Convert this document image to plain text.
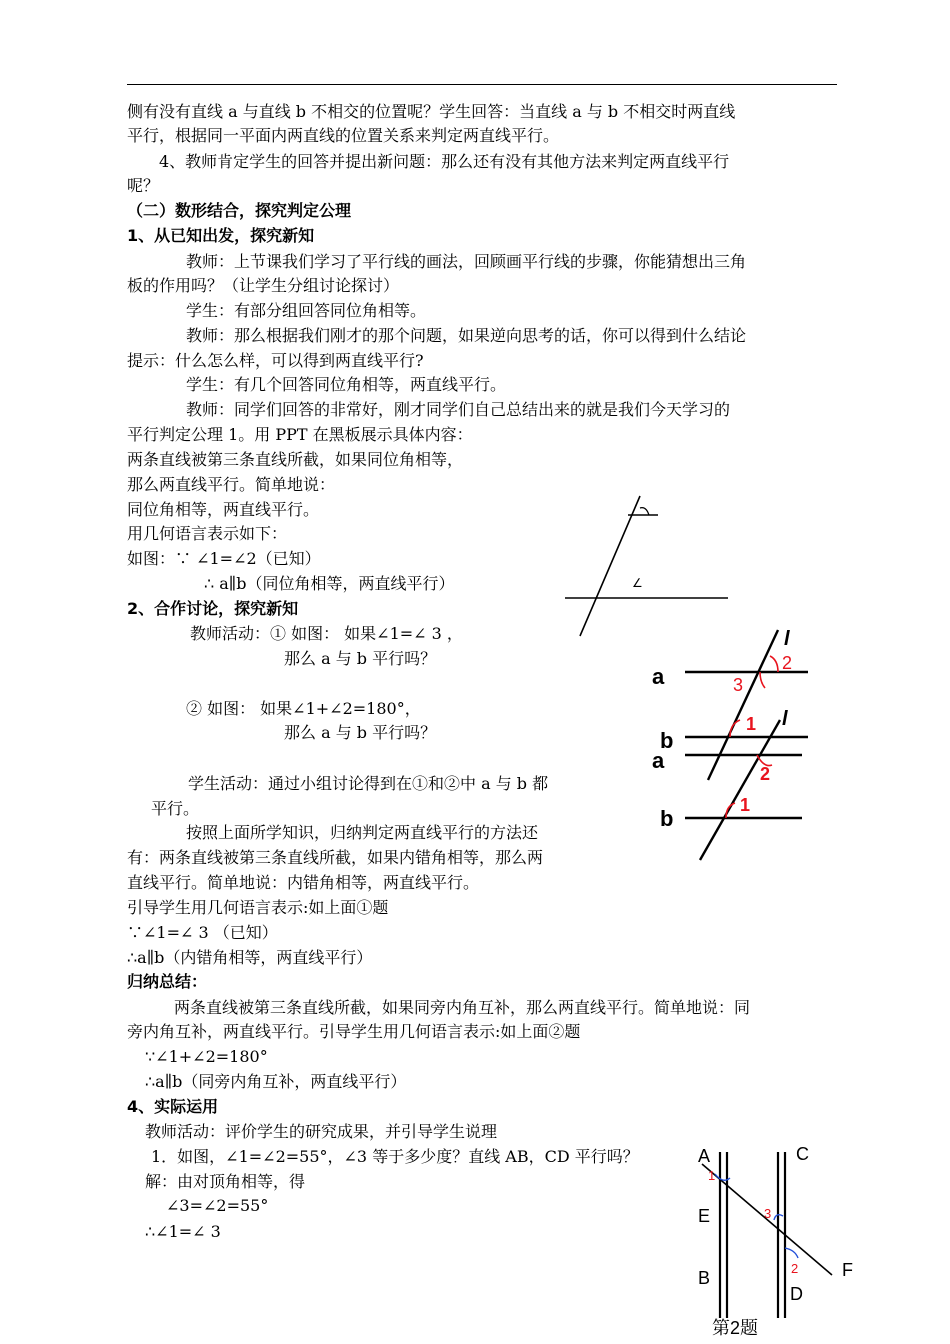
侧有没有直线 a 与直线 b 不相交的位置呢？学生回答：当直线 a 与 b 不相交时两直线
平行，根据同一平面内两直线的位置关系来判定两直线平行。
4、教师肯定学生的回答并提出新问题：那么还有没有其他方法来判定两直线平行
呢？
（二）数形结合，探究判定公理
1、从已知出发，探究新知
教师：上节课我们学习了平行线的画法，回顾画平行线的步骤，你能猜想出三角
板的作用吗？（让学生分组讨论探讨）
学生：有部分组回答同位角相等。
教师：那么根据我们刚才的那个问题，如果逆向思考的话，你可以得到什么结论
提示：什么怎么样，可以得到两直线平行?
学生：有几个回答同位角相等，两直线平行。
教师：同学们回答的非常好，刚才同学们自己总结出来的就是我们今天学习的
平行判定公理 1。用 PPT 在黑板展示具体内容：
两条直线被第三条直线所截，如果同位角相等，
那么两直线平行。简单地说：
同位角相等，两直线平行。
用几何语言表示如下：
如图：∵ ∠1=∠2（已知）
∴ a∥b（同位角相等，两直线平行）
2、合作讨论，探究新知
教师活动：① 如图： 如果∠1=∠ 3 ，
那么 a 与 b 平行吗？
② 如图： 如果∠1+∠2=180°，
那么 a 与 b 平行吗？
学生活动：通过小组讨论得到在①和②中 a 与 b 都
平行。
按照上面所学知识，归纳判定两直线平行的方法还
有：两条直线被第三条直线所截，如果内错角相等，那么两
直线平行。简单地说：内错角相等，两直线平行。
引导学生用几何语言表示:如上面①题
∵∠1=∠ 3 （已知）
∴a∥b（内错角相等，两直线平行）
归纳总结：
两条直线被第三条直线所截，如果同旁内角互补，那么两直线平行。简单地说：同
旁内角互补，两直线平行。引导学生用几何语言表示:如上面②题
∵∠1+∠2=180°
∴a∥b（同旁内角互补，两直线平行）
4、实际运用
教师活动：评价学生的研究成果，并引导学生说理
1．如图，∠1=∠2=55°，∠3 等于多少度？直线 AB，CD 平行吗？
解：由对顶角相等，得
∠3=∠2=55°
∴∠1=∠ 3
∠
l
a
b
2
3
1 l
a
b
2
1
A	C
E
B
D
F
1
3
2
第2题
